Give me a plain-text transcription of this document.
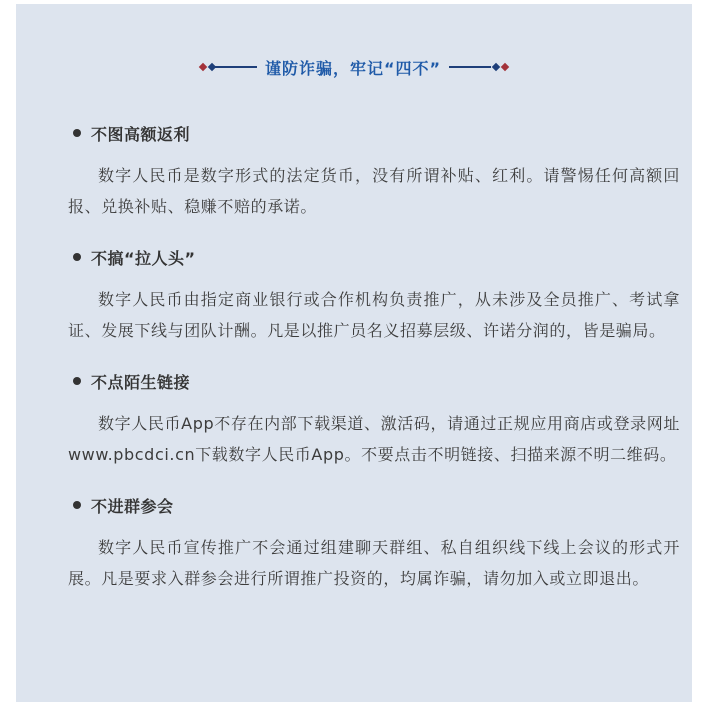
谨防诈骗，牢记“四不”
不图高额返利

数字人民币是数字形式的法定货币，没有所谓补贴、红利。请警惕任何高额回报、兑换补贴、稳赚不赔的承诺。

不搞“拉人头”

数字人民币由指定商业银行或合作机构负责推广，从未涉及全员推广、考试拿证、发展下线与团队计酬。凡是以推广员名义招募层级、许诺分润的，皆是骗局。

不点陌生链接

数字人民币App不存在内部下载渠道、激活码，请通过正规应用商店或登录网址www.pbcdci.cn下载数字人民币App。不要点击不明链接、扫描来源不明二维码。

不进群参会

数字人民币宣传推广不会通过组建聊天群组、私自组织线下线上会议的形式开展。凡是要求入群参会进行所谓推广投资的，均属诈骗，请勿加入或立即退出。
